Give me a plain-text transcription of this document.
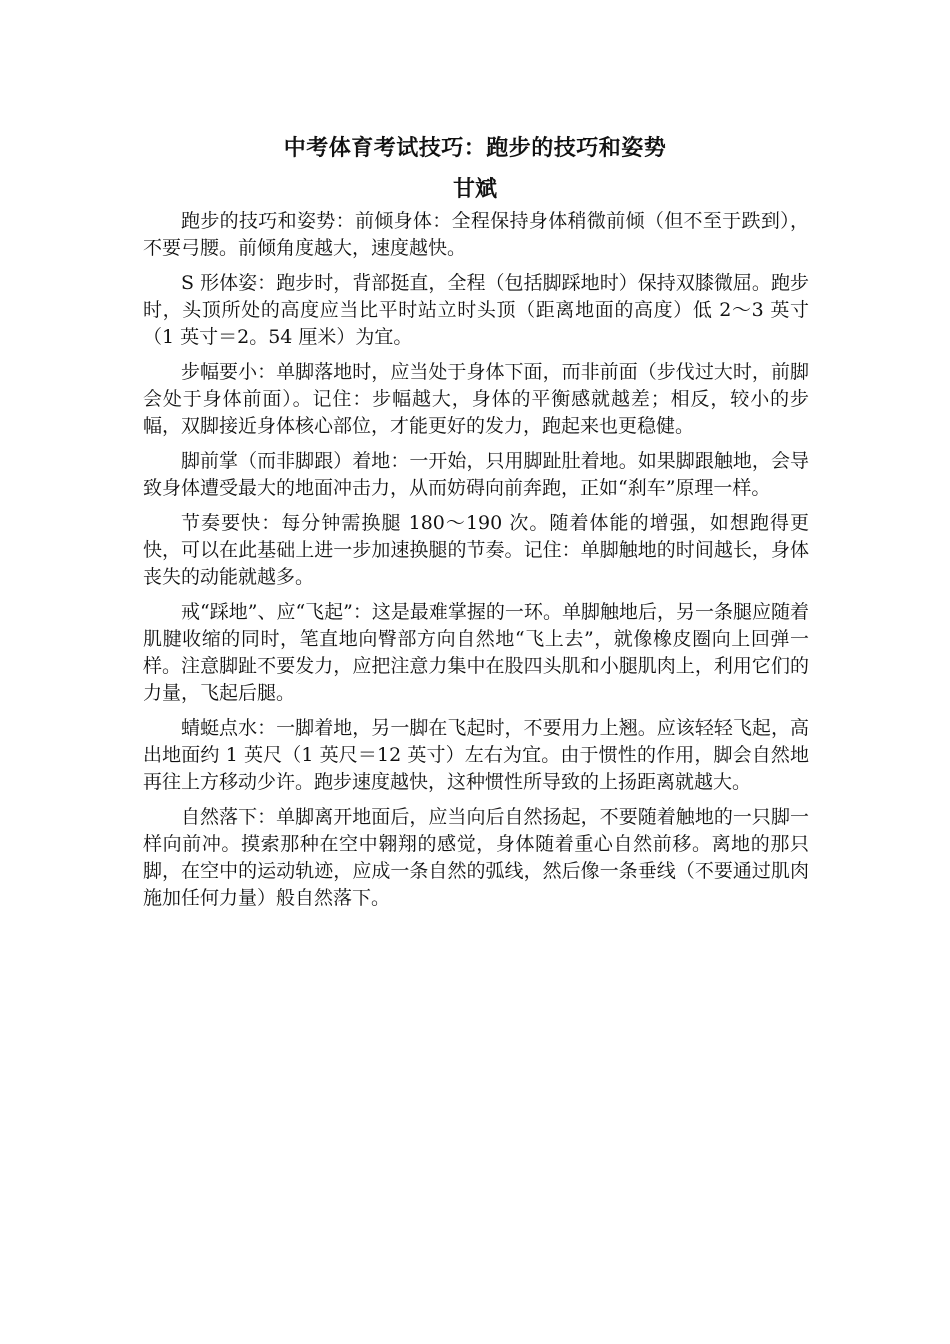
中考体育考试技巧：跑步的技巧和姿势
甘斌

跑步的技巧和姿势：前倾身体：全程保持身体稍微前倾（但不至于跌到），不要弓腰。前倾角度越大，速度越快。

S 形体姿：跑步时，背部挺直，全程（包括脚踩地时）保持双膝微屈。跑步时，头顶所处的高度应当比平时站立时头顶（距离地面的高度）低 2～3 英寸（1 英寸＝2。54 厘米）为宜。

步幅要小：单脚落地时，应当处于身体下面，而非前面（步伐过大时，前脚会处于身体前面）。记住：步幅越大，身体的平衡感就越差；相反，较小的步幅，双脚接近身体核心部位，才能更好的发力，跑起来也更稳健。

脚前掌（而非脚跟）着地：一开始，只用脚趾肚着地。如果脚跟触地，会导致身体遭受最大的地面冲击力，从而妨碍向前奔跑，正如“刹车”原理一样。

节奏要快：每分钟需换腿 180～190 次。随着体能的增强，如想跑得更快，可以在此基础上进一步加速换腿的节奏。记住：单脚触地的时间越长，身体丧失的动能就越多。

戒“踩地”、应“飞起”：这是最难掌握的一环。单脚触地后，另一条腿应随着肌腱收缩的同时，笔直地向臀部方向自然地“飞上去”，就像橡皮圈向上回弹一样。注意脚趾不要发力，应把注意力集中在股四头肌和小腿肌肉上，利用它们的力量，飞起后腿。

蜻蜓点水：一脚着地，另一脚在飞起时，不要用力上翘。应该轻轻飞起，高出地面约 1 英尺（1 英尺＝12 英寸）左右为宜。由于惯性的作用，脚会自然地再往上方移动少许。跑步速度越快，这种惯性所导致的上扬距离就越大。

自然落下：单脚离开地面后，应当向后自然扬起，不要随着触地的一只脚一样向前冲。摸索那种在空中翱翔的感觉，身体随着重心自然前移。离地的那只脚，在空中的运动轨迹，应成一条自然的弧线，然后像一条垂线（不要通过肌肉施加任何力量）般自然落下。
